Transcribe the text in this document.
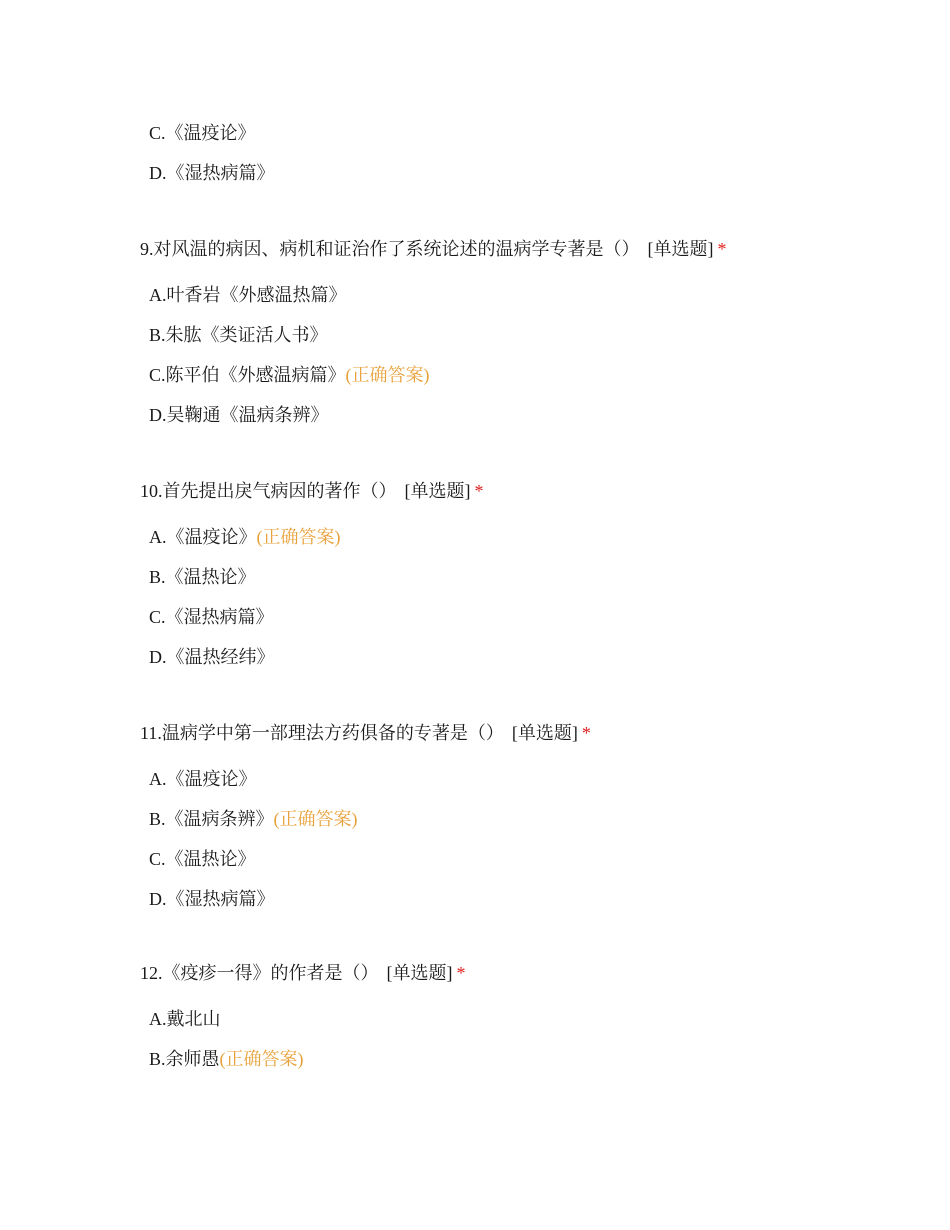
C.《温疫论》
D.《湿热病篇》
9.对风温的病因、病机和证治作了系统论述的温病学专著是（） [单选题] *
A.叶香岩《外感温热篇》
B.朱肱《类证活人书》
C.陈平伯《外感温病篇》(正确答案)
D.吴鞠通《温病条辨》
10.首先提出戾气病因的著作（） [单选题] *
A.《温疫论》(正确答案)
B.《温热论》
C.《湿热病篇》
D.《温热经纬》
11.温病学中第一部理法方药俱备的专著是（） [单选题] *
A.《温疫论》
B.《温病条辨》(正确答案)
C.《温热论》
D.《湿热病篇》
12.《疫疹一得》的作者是（） [单选题] *
A.戴北山
B.余师愚(正确答案)
